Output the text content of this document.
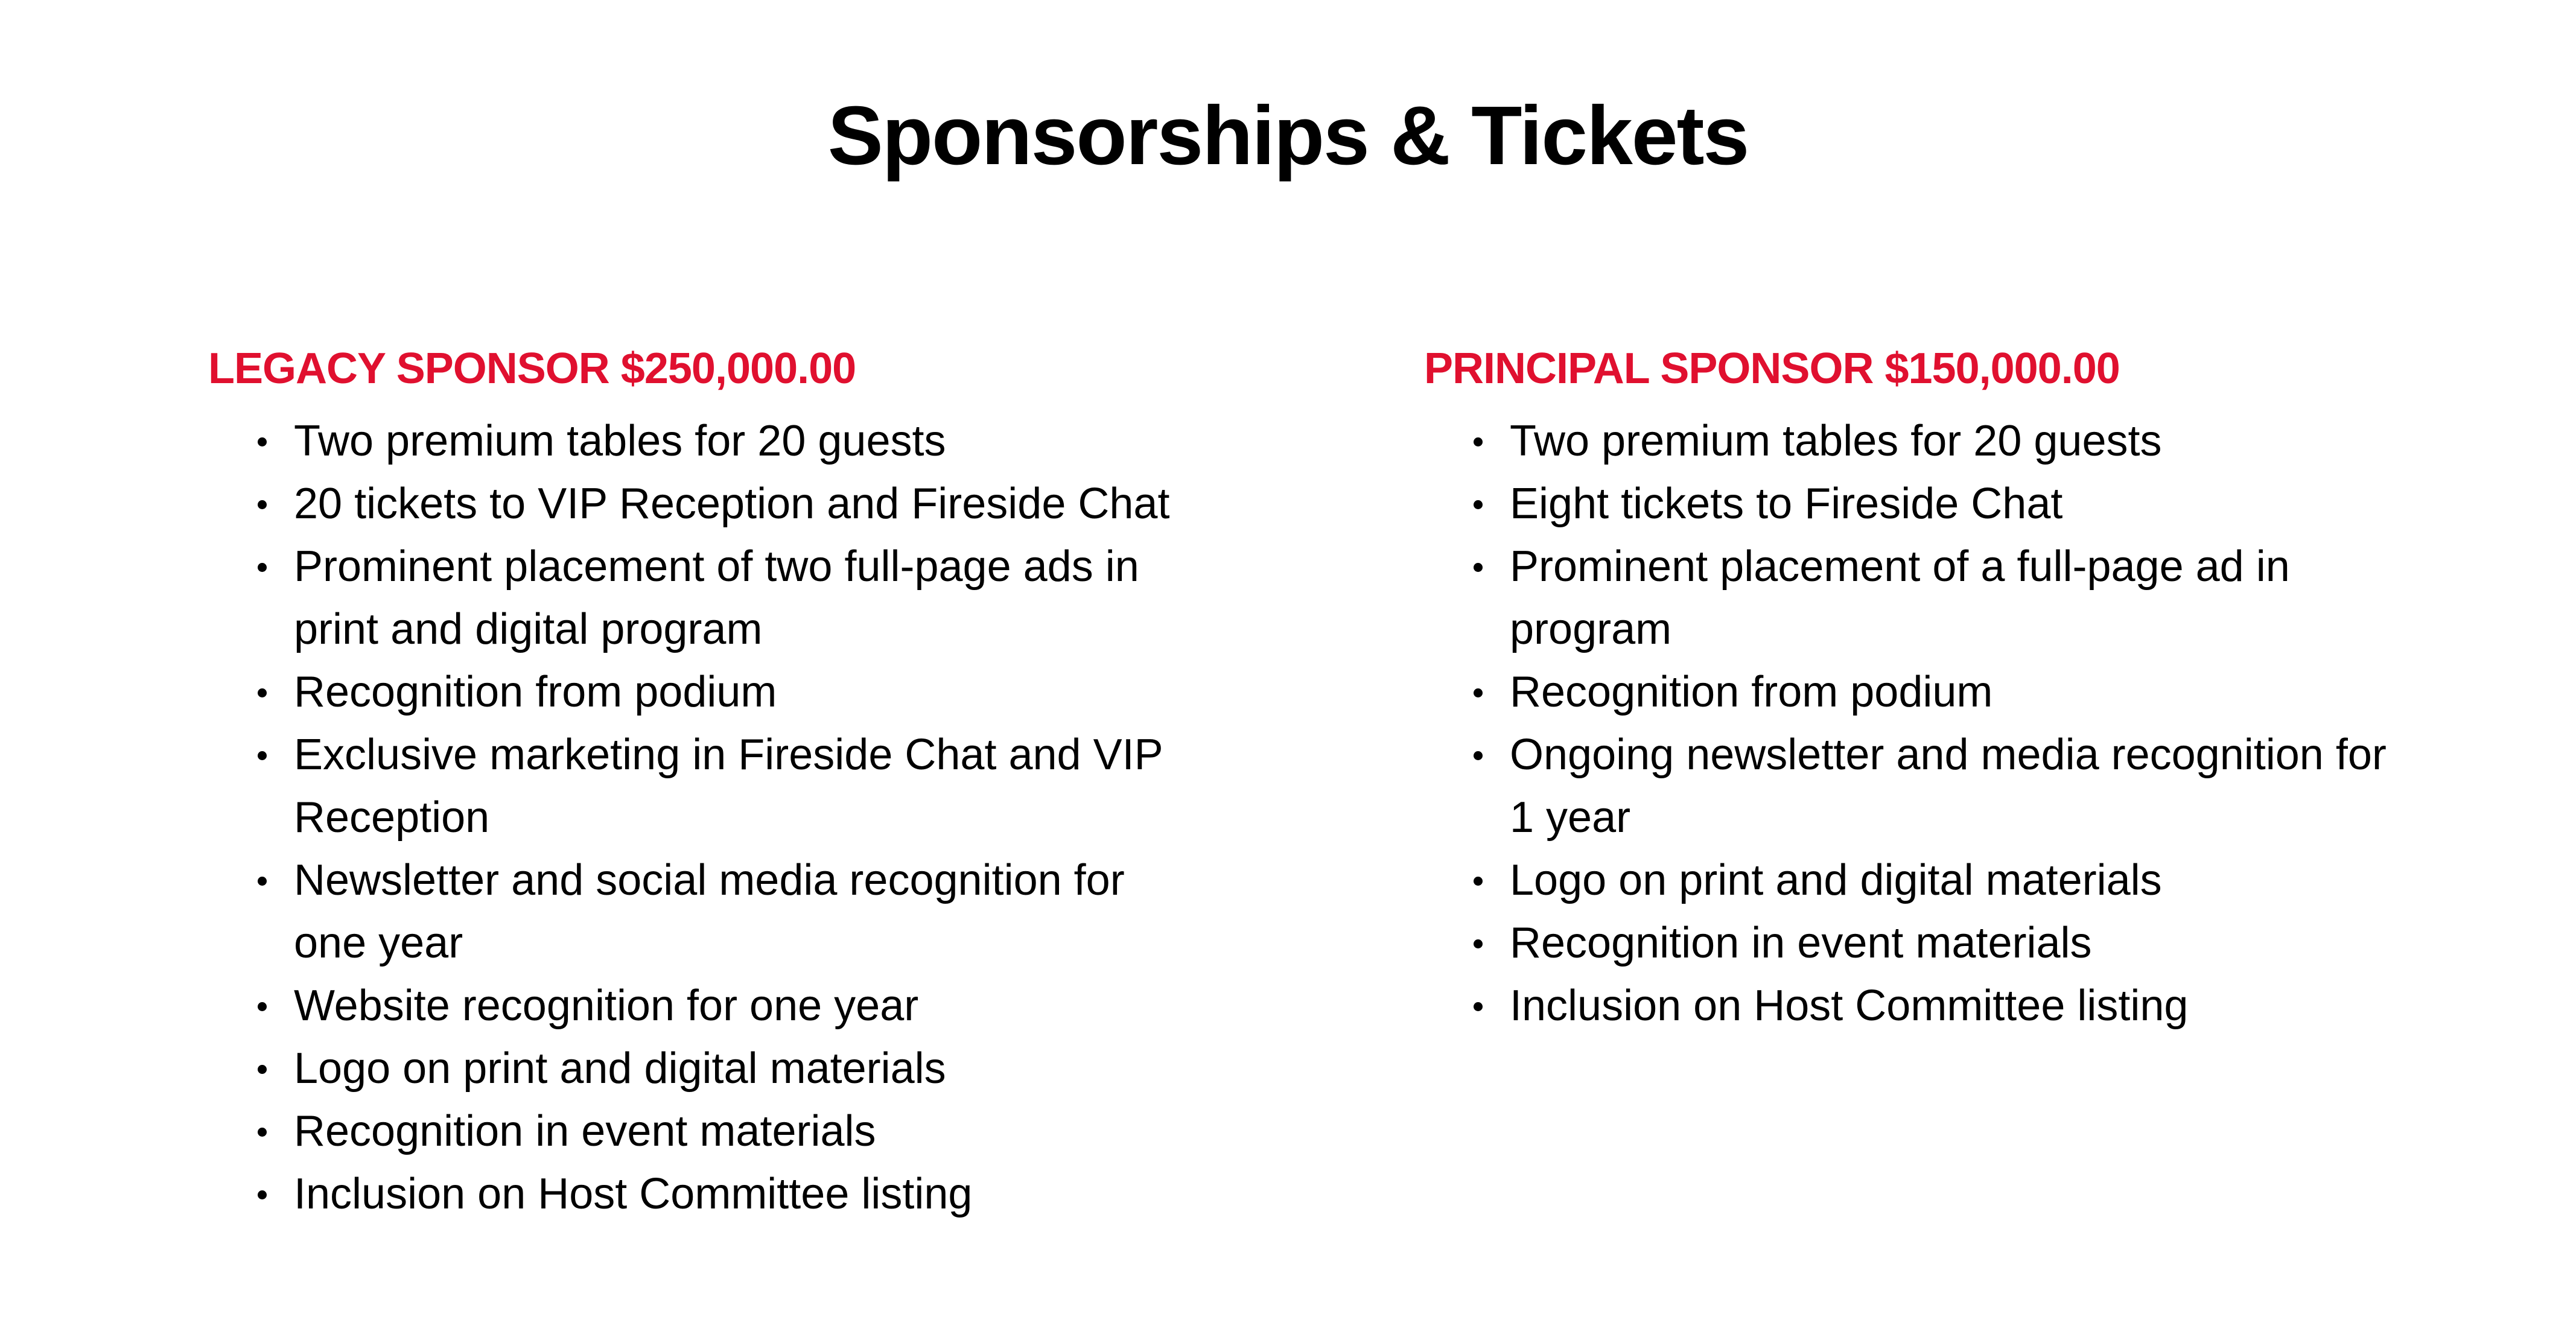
Sponsorships & Tickets
LEGACY SPONSOR $250,000.00
Two premium tables for 20 guests
20 tickets to VIP Reception and Fireside Chat
Prominent placement of two full-page ads in print and digital program
Recognition from podium
Exclusive marketing in Fireside Chat and VIP Reception
Newsletter and social media recognition for one year
Website recognition for one year
Logo on print and digital materials
Recognition in event materials
Inclusion on Host Committee listing
PRINCIPAL SPONSOR $150,000.00
Two premium tables for 20 guests
Eight tickets to Fireside Chat
Prominent placement of a full-page ad in program
Recognition from podium
Ongoing newsletter and media recognition for 1 year
Logo on print and digital materials
Recognition in event materials
Inclusion on Host Committee listing
